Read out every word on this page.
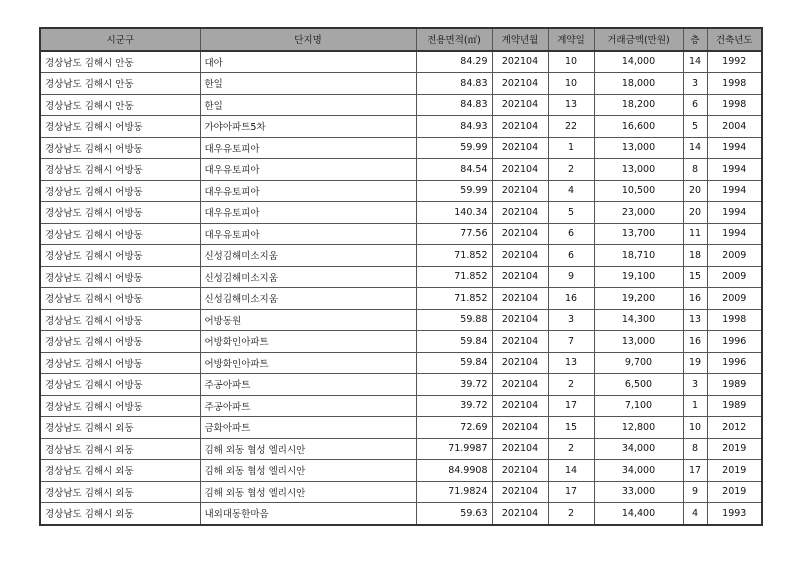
시군구	단지명	전용면적(㎡)	계약년월	계약일	거래금액(만원)	층	건축년도
경상남도 김해시 안동	대아	84.29	202104	10	14,000	14	1992
경상남도 김해시 안동	한일	84.83	202104	10	18,000	3	1998
경상남도 김해시 안동	한일	84.83	202104	13	18,200	6	1998
경상남도 김해시 어방동	가야아파트5차	84.93	202104	22	16,600	5	2004
경상남도 김해시 어방동	대우유토피아	59.99	202104	1	13,000	14	1994
경상남도 김해시 어방동	대우유토피아	84.54	202104	2	13,000	8	1994
경상남도 김해시 어방동	대우유토피아	59.99	202104	4	10,500	20	1994
경상남도 김해시 어방동	대우유토피아	140.34	202104	5	23,000	20	1994
경상남도 김해시 어방동	대우유토피아	77.56	202104	6	13,700	11	1994
경상남도 김해시 어방동	신성김해미소지움	71.852	202104	6	18,710	18	2009
경상남도 김해시 어방동	신성김해미소지움	71.852	202104	9	19,100	15	2009
경상남도 김해시 어방동	신성김해미소지움	71.852	202104	16	19,200	16	2009
경상남도 김해시 어방동	어방동원	59.88	202104	3	14,300	13	1998
경상남도 김해시 어방동	어방화인아파트	59.84	202104	7	13,000	16	1996
경상남도 김해시 어방동	어방화인아파트	59.84	202104	13	9,700	19	1996
경상남도 김해시 어방동	주공아파트	39.72	202104	2	6,500	3	1989
경상남도 김해시 어방동	주공아파트	39.72	202104	17	7,100	1	1989
경상남도 김해시 외동	금화아파트	72.69	202104	15	12,800	10	2012
경상남도 김해시 외동	김해 외동 협성 엘리시안	71.9987	202104	2	34,000	8	2019
경상남도 김해시 외동	김해 외동 협성 엘리시안	84.9908	202104	14	34,000	17	2019
경상남도 김해시 외동	김해 외동 협성 엘리시안	71.9824	202104	17	33,000	9	2019
경상남도 김해시 외동	내외대동한마음	59.63	202104	2	14,400	4	1993
